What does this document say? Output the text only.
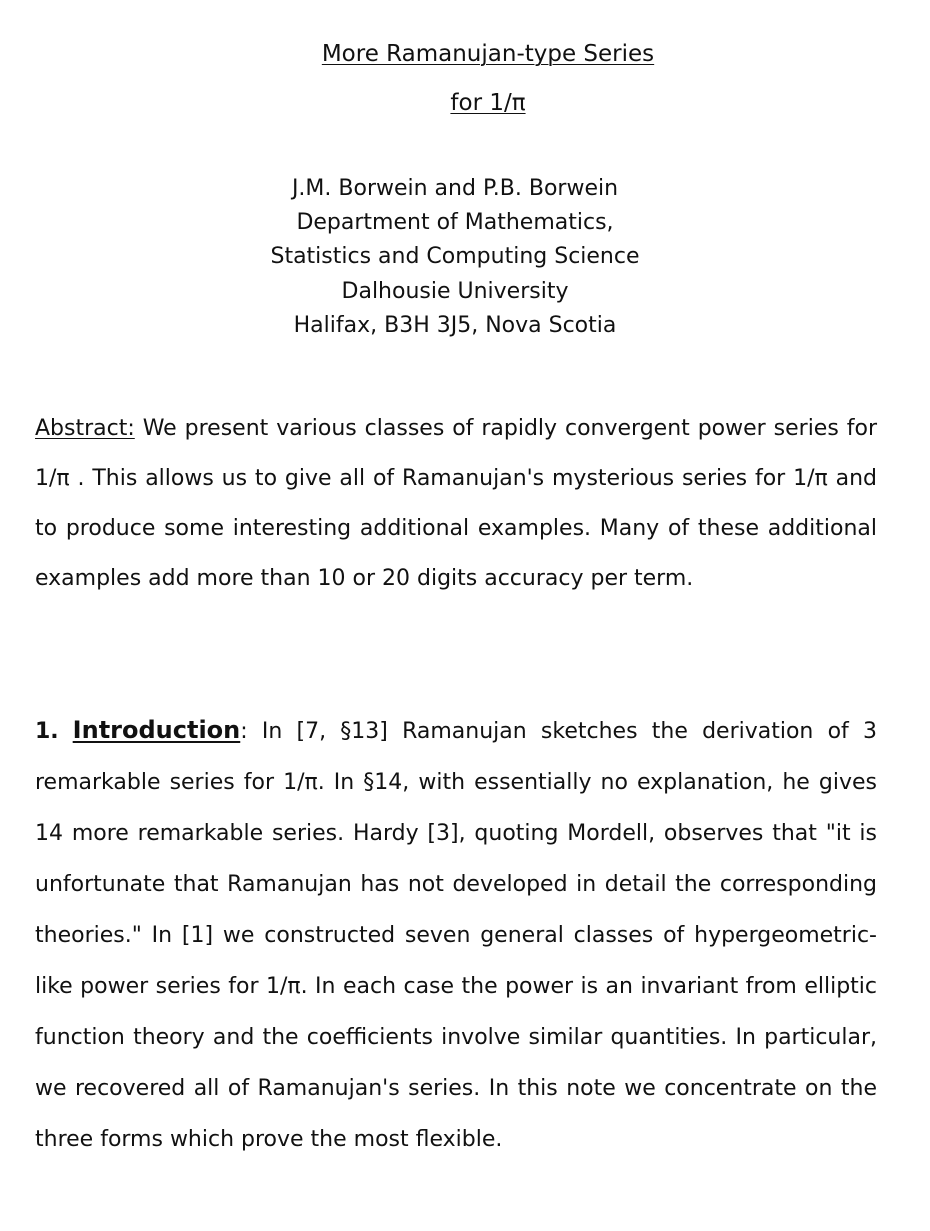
More Ramanujan-type Series
for 1/π
J.M. Borwein and P.B. Borwein
Department of Mathematics,
Statistics and Computing Science
Dalhousie University
Halifax, B3H 3J5, Nova Scotia
Abstract: We present various classes of rapidly convergent power series for 1/π . This allows us to give all of Ramanujan's mysterious series for 1/π and to produce some interesting additional examples. Many of these additional examples add more than 10 or 20 digits accuracy per term.
1. Introduction: In [7, §13] Ramanujan sketches the derivation of 3 remarkable series for 1/π. In §14, with essentially no explanation, he gives 14 more remarkable series. Hardy [3], quoting Mordell, observes that "it is unfortunate that Ramanujan has not developed in detail the corresponding theories." In [1] we constructed seven general classes of hypergeometric-like power series for 1/π. In each case the power is an invariant from elliptic function theory and the coefficients involve similar quantities. In particular, we recovered all of Ramanujan's series. In this note we concentrate on the three forms which prove the most flexible.
